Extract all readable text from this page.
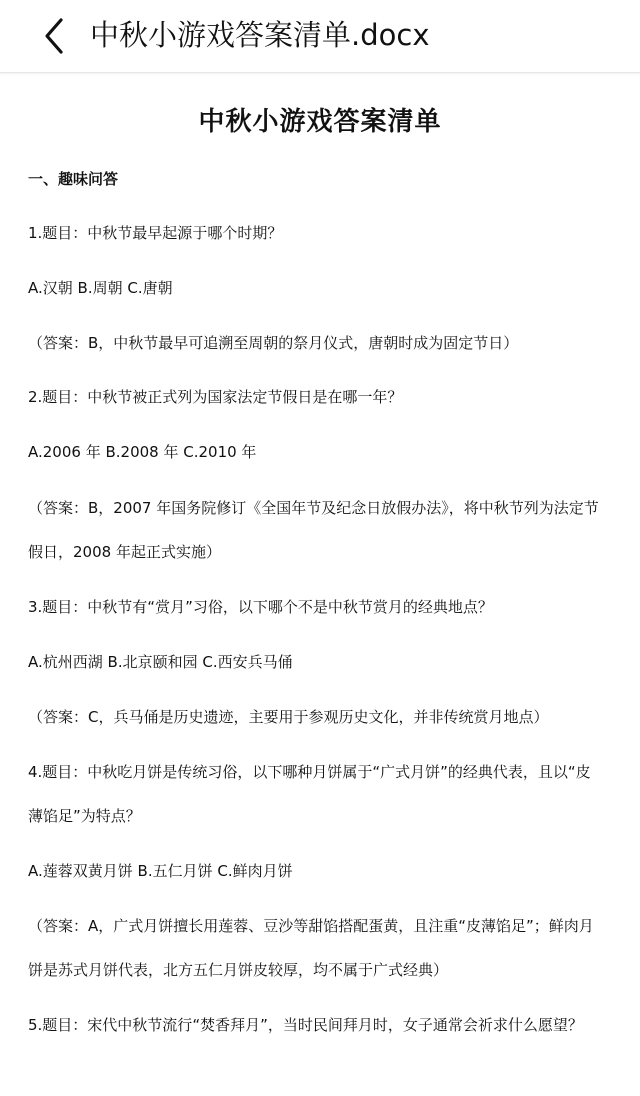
中秋小游戏答案清单.docx
中秋小游戏答案清单
一、趣味问答
1.题目：中秋节最早起源于哪个时期？
A.汉朝 B.周朝 C.唐朝
（答案：B，中秋节最早可追溯至周朝的祭月仪式，唐朝时成为固定节日）
2.题目：中秋节被正式列为国家法定节假日是在哪一年？
A.2006 年 B.2008 年 C.2010 年
（答案：B，2007 年国务院修订《全国年节及纪念日放假办法》，将中秋节列为法定节
假日，2008 年起正式实施）
3.题目：中秋节有“赏月”习俗，以下哪个不是中秋节赏月的经典地点？
A.杭州西湖 B.北京颐和园 C.西安兵马俑
（答案：C，兵马俑是历史遗迹，主要用于参观历史文化，并非传统赏月地点）
4.题目：中秋吃月饼是传统习俗，以下哪种月饼属于“广式月饼”的经典代表，且以“皮
薄馅足”为特点？
A.莲蓉双黄月饼 B.五仁月饼 C.鲜肉月饼
（答案：A，广式月饼擅长用莲蓉、豆沙等甜馅搭配蛋黄，且注重“皮薄馅足”；鲜肉月
饼是苏式月饼代表，北方五仁月饼皮较厚，均不属于广式经典）
5.题目：宋代中秋节流行“焚香拜月”，当时民间拜月时，女子通常会祈求什么愿望？
